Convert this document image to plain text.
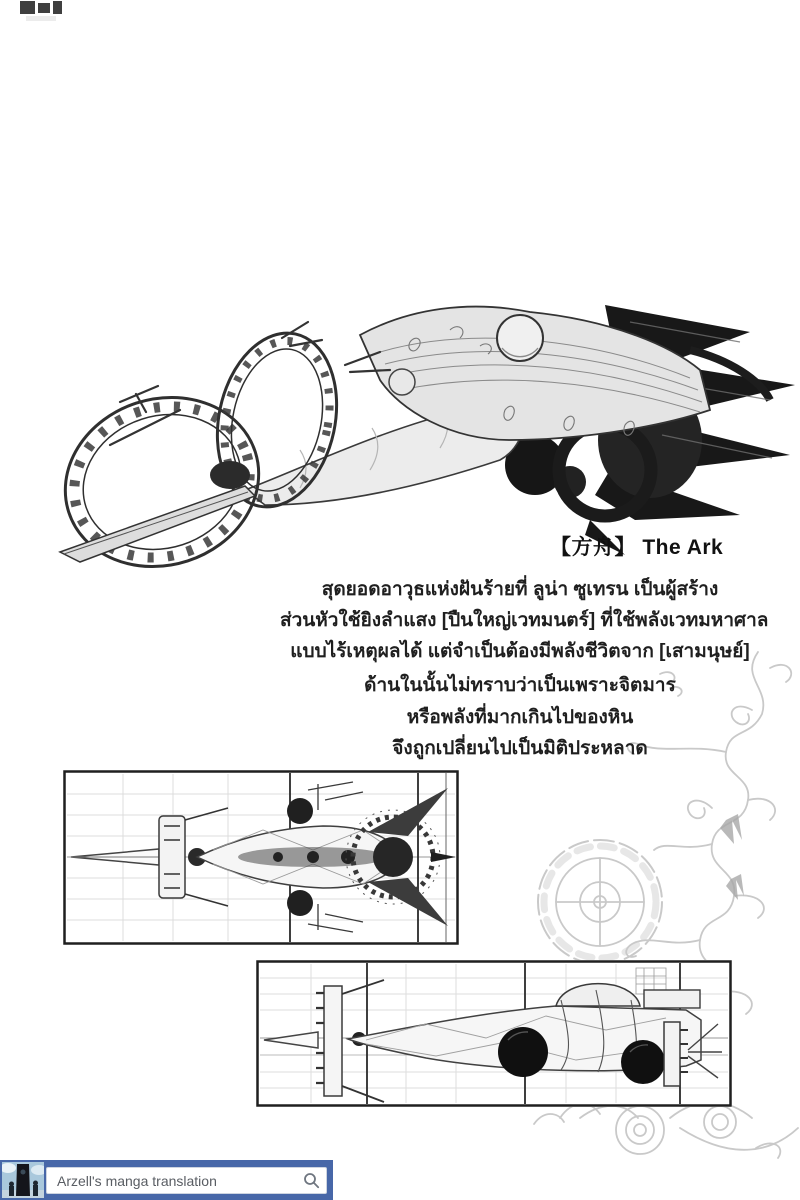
【方舟】 The Ark
สุดยอดอาวุธแห่งฝันร้ายที่ ลูน่า ซูเทรน เป็นผู้สร้าง
ส่วนหัวใช้ยิงลำแสง [ปืนใหญ่เวทมนตร์] ที่ใช้พลังเวทมหาศาล
แบบไร้เหตุผลได้ แต่จำเป็นต้องมีพลังชีวิตจาก [เสามนุษย์]
ด้านในนั้นไม่ทราบว่าเป็นเพราะจิตมาร
หรือพลังที่มากเกินไปของหิน
จึงถูกเปลี่ยนไปเป็นมิติประหลาด
Arzell's manga translation
